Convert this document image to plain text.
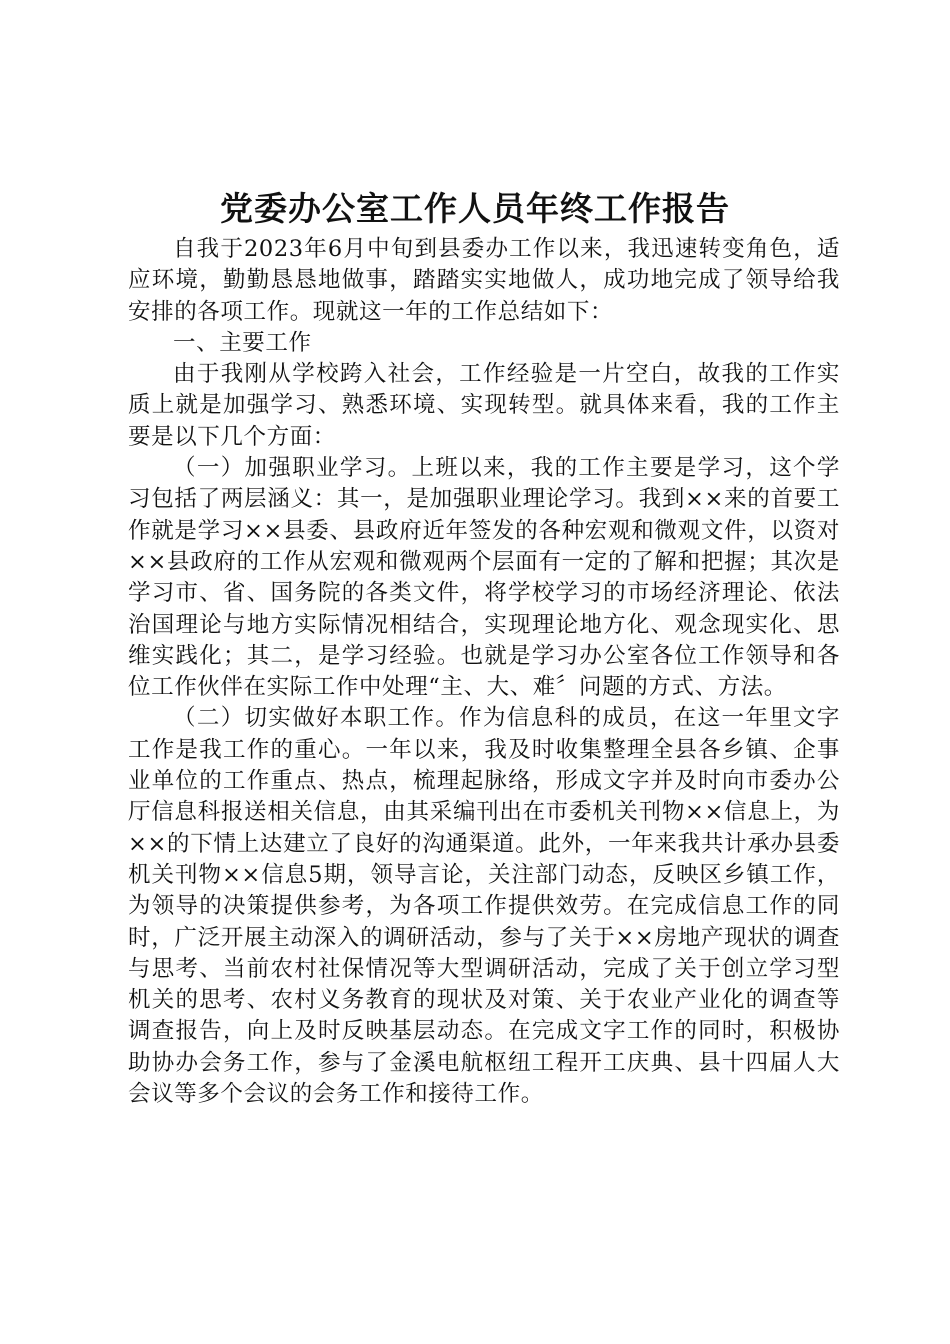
党委办公室工作人员年终工作报告

自我于2023年6月中旬到县委办工作以来，我迅速转变角色，适应环境，勤勤恳恳地做事，踏踏实实地做人，成功地完成了领导给我安排的各项工作。现就这一年的工作总结如下：

一、主要工作

由于我刚从学校跨入社会，工作经验是一片空白，故我的工作实质上就是加强学习、熟悉环境、实现转型。就具体来看，我的工作主要是以下几个方面：

（一）加强职业学习。上班以来，我的工作主要是学习，这个学习包括了两层涵义：其一，是加强职业理论学习。我到××来的首要工作就是学习××县委、县政府近年签发的各种宏观和微观文件，以资对××县政府的工作从宏观和微观两个层面有一定的了解和把握；其次是学习市、省、国务院的各类文件，将学校学习的市场经济理论、依法治国理论与地方实际情况相结合，实现理论地方化、观念现实化、思维实践化；其二，是学习经验。也就是学习办公室各位工作领导和各位工作伙伴在实际工作中处理“主、大、难〞问题的方式、方法。

（二）切实做好本职工作。作为信息科的成员，在这一年里文字工作是我工作的重心。一年以来，我及时收集整理全县各乡镇、企事业单位的工作重点、热点，梳理起脉络，形成文字并及时向市委办公厅信息科报送相关信息，由其采编刊出在市委机关刊物××信息上，为××的下情上达建立了良好的沟通渠道。此外，一年来我共计承办县委机关刊物××信息5期，领导言论，关注部门动态，反映区乡镇工作，为领导的决策提供参考，为各项工作提供效劳。在完成信息工作的同时，广泛开展主动深入的调研活动，参与了关于××房地产现状的调查与思考、当前农村社保情况等大型调研活动，完成了关于创立学习型机关的思考、农村义务教育的现状及对策、关于农业产业化的调查等调查报告，向上及时反映基层动态。在完成文字工作的同时，积极协助协办会务工作，参与了金溪电航枢纽工程开工庆典、县十四届人大会议等多个会议的会务工作和接待工作。
